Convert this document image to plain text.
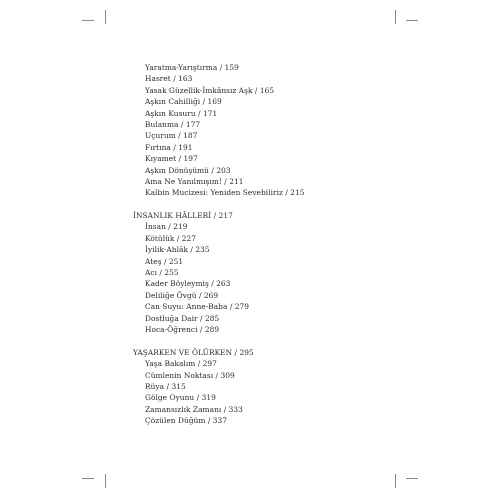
Yaratma-Yarıştırma / 159
Hasret / 163
Yasak Güzellik-İmkânsız Aşk / 165
Aşkın Cahilliği / 169
Aşkın Kusuru / 171
Bulanma / 177
Uçurum / 187
Fırtına / 191
Kıyamet / 197
Aşkın Dönüşümü / 203
Ama Ne Yanılmışım! / 211
Kalbin Mucizesi: Yeniden Sevebiliriz / 215
İNSANLIK HÂLLERİ / 217
İnsan / 219
Kötülük / 227
İyilik-Ahlâk / 235
Ateş / 251
Acı / 255
Kader Böyleymiş / 263
Deliliğe Övgü / 269
Can Suyu: Anne-Baba / 279
Dostluğa Dair / 285
Hoca-Öğrenci / 289
YAŞARKEN VE ÖLÜRKEN / 295
Yaşa Bakalım / 297
Cümlenin Noktası / 309
Rüya / 315
Gölge Oyunu / 319
Zamansızlık Zamanı / 333
Çözülen Düğüm / 337
